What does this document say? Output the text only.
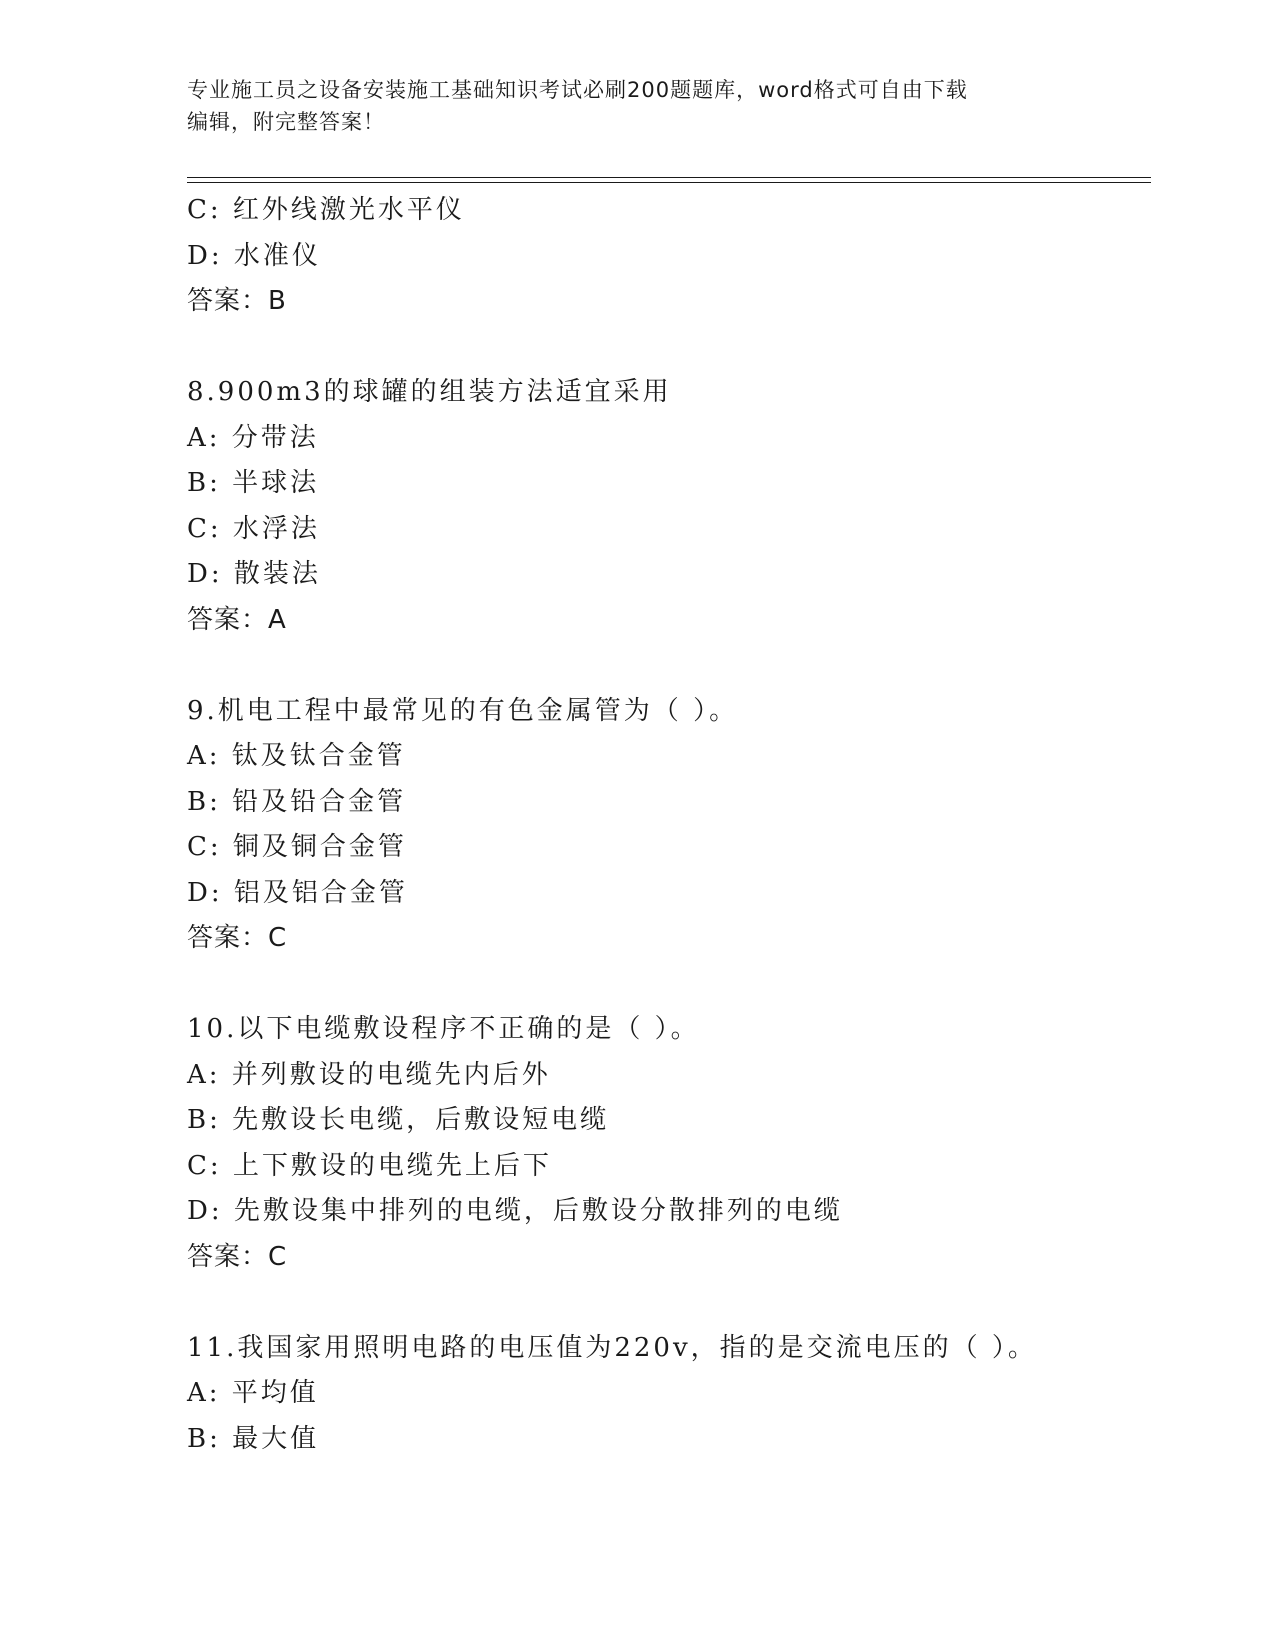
专业施工员之设备安装施工基础知识考试必刷200题题库，word格式可自由下载
编辑，附完整答案！
C: 红外线激光水平仪
D: 水准仪
答案：B
8.900m3的球罐的组装方法适宜采用
A: 分带法
B: 半球法
C: 水浮法
D: 散装法
答案：A
9.机电工程中最常见的有色金属管为（ ）。
A: 钛及钛合金管
B: 铅及铅合金管
C: 铜及铜合金管
D: 铝及铝合金管
答案：C
10.以下电缆敷设程序不正确的是（ ）。
A: 并列敷设的电缆先内后外
B: 先敷设长电缆，后敷设短电缆
C: 上下敷设的电缆先上后下
D: 先敷设集中排列的电缆，后敷设分散排列的电缆
答案：C
11.我国家用照明电路的电压值为220v，指的是交流电压的（ ）。
A: 平均值
B: 最大值
